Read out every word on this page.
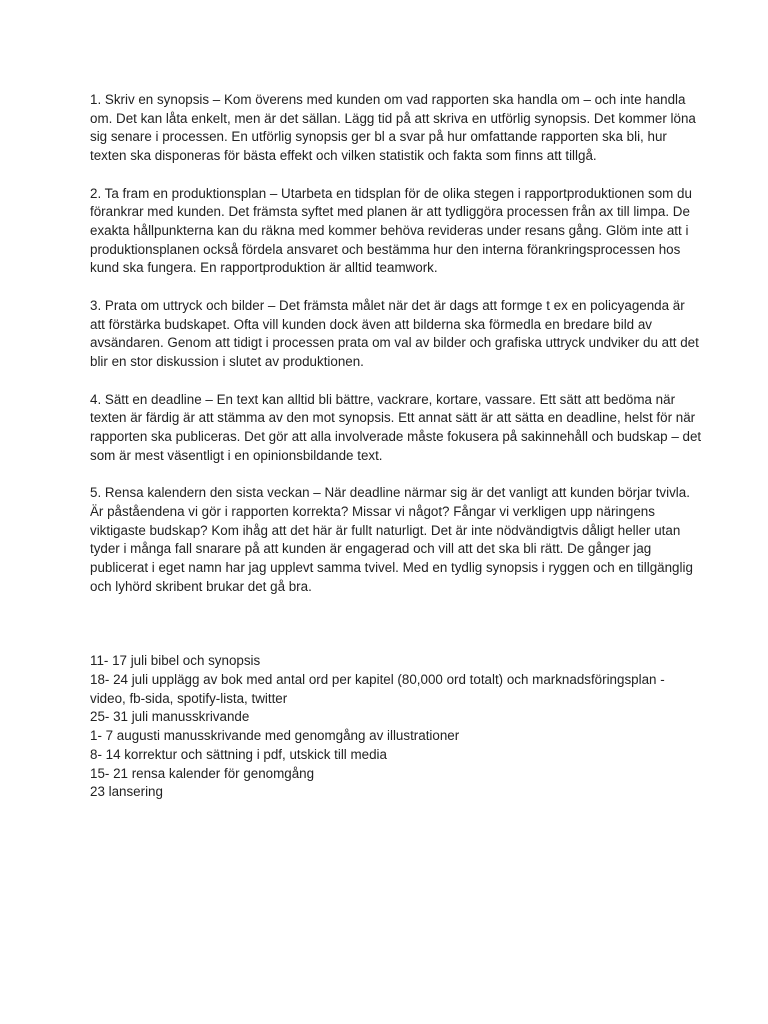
1. Skriv en synopsis – Kom överens med kunden om vad rapporten ska handla om – och inte handla om. Det kan låta enkelt, men är det sällan. Lägg tid på att skriva en utförlig synopsis. Det kommer löna sig senare i processen. En utförlig synopsis ger bl a svar på hur omfattande rapporten ska bli, hur texten ska disponeras för bästa effekt och vilken statistik och fakta som finns att tillgå.

2. Ta fram en produktionsplan – Utarbeta en tidsplan för de olika stegen i rapportproduktionen som du förankrar med kunden. Det främsta syftet med planen är att tydliggöra processen från ax till limpa. De exakta hållpunkterna kan du räkna med kommer behöva revideras under resans gång. Glöm inte att i produktionsplanen också fördela ansvaret och bestämma hur den interna förankringsprocessen hos kund ska fungera. En rapportproduktion är alltid teamwork.

3. Prata om uttryck och bilder – Det främsta målet när det är dags att formge t ex en policyagenda är att förstärka budskapet. Ofta vill kunden dock även att bilderna ska förmedla en bredare bild av avsändaren. Genom att tidigt i processen prata om val av bilder och grafiska uttryck undviker du att det blir en stor diskussion i slutet av produktionen.

4. Sätt en deadline – En text kan alltid bli bättre, vackrare, kortare, vassare. Ett sätt att bedöma när texten är färdig är att stämma av den mot synopsis. Ett annat sätt är att sätta en deadline, helst för när rapporten ska publiceras. Det gör att alla involverade måste fokusera på sakinnehåll och budskap – det som är mest väsentligt i en opinionsbildande text.

5. Rensa kalendern den sista veckan – När deadline närmar sig är det vanligt att kunden börjar tvivla. Är påståendena vi gör i rapporten korrekta? Missar vi något? Fångar vi verkligen upp näringens viktigaste budskap? Kom ihåg att det här är fullt naturligt. Det är inte nödvändigtvis dåligt heller utan tyder i många fall snarare på att kunden är engagerad och vill att det ska bli rätt. De gånger jag publicerat i eget namn har jag upplevt samma tvivel. Med en tydlig synopsis i ryggen och en tillgänglig och lyhörd skribent brukar det gå bra.

11- 17 juli bibel och synopsis
18- 24 juli upplägg av bok med antal ord per kapitel (80,000 ord totalt) och marknadsföringsplan - video, fb-sida, spotify-lista, twitter
25- 31 juli manusskrivande
1- 7 augusti manusskrivande med genomgång av illustrationer
8- 14 korrektur och sättning i pdf, utskick till media
15- 21 rensa kalender för genomgång
23 lansering
